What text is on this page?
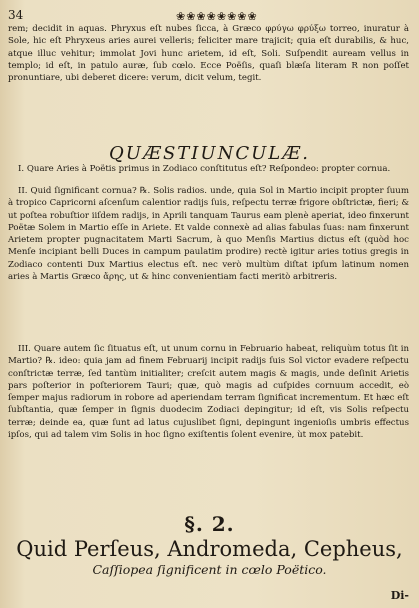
34	❀❀❀❀❀❀❀❀

rem; decidit in aquas. Phryxus eſt nubes ſicca, à Græco φρύγω φρύξω torreo, inuratur à Sole, hic eſt Phryxeus aries aurei velleris; feliciter mare trajicit; quia eſt durabilis, & huc, atque illuc vehitur; immolat Jovi hunc arietem, id eſt, Soli. Suſpendit auream vellus in templo; id eſt, in patulo auræ, ſub cœlo. Ecce Poëſis, quaſi blæſa literam R non poſſet pronuntiare, ubi deberet dicere: verum, dicit velum, tegit.

QUÆSTIUNCULÆ.

I. Quare Aries à Poëtis primus in Zodiaco conſtitutus eſt? Reſpondeo: propter cornua.

II. Quid ſignificant cornua? ℞. Solis radios. unde, quia Sol in Martio incipit propter ſuum à tropico Capricorni aſcenſum calentior radijs ſuis, reſpectu terræ frigore obſtrictæ, fieri; & ut poſtea robuſtior iiſdem radijs, in Aprili tanquam Taurus eam plenè aperiat, ideo finxerunt Poëtæ Solem in Martio eſſe in Ariete. Et valde connexè ad alias fabulas ſuas: nam finxerunt Arietem propter pugnacitatem Marti Sacrum, à quo Menſis Martius dictus eſt (quòd hoc Menſe incipiant belli Duces in campum paulatim prodire) rectè igitur aries totius gregis in Zodiaco contenti Dux Martius electus eſt. nec verò multùm diſtat ipſum latinum nomen aries à Martis Græco ἄρης, ut & hinc convenientiam facti meritò arbitreris.

III. Quare autem ſic ſituatus eſt, ut unum cornu in Februario habeat, reliquùm totus ſit in Martio? ℞. ideo: quia jam ad finem Februarij incipit radijs ſuis Sol victor evadere reſpectu conſtrictæ terræ, ſed tantùm initialiter; creſcit autem magis & magis, unde deſinit Arietis pars poſterior in poſteriorem Tauri; quæ, quò magis ad cuſpides cornuum accedit, eò ſemper majus radiorum in robore ad aperiendam terram ſignificat incrementum. Et hæc eſt ſubſtantia, quæ ſemper in ſignis duodecim Zodiaci depingitur; id eſt, vis Solis reſpectu terræ; deinde ea, quæ ſunt ad latus cujuslibet ſigni, depingunt ingenioſis umbris effectus ipſos, qui ad talem vim Solis in hoc ſigno exiſtentis ſolent evenire, ùt mox patebit.

§. 2.
Quid Perſeus, Andromeda, Cepheus,
Caſſiopea ſignificent in cœlo Poëtico.
Di-
